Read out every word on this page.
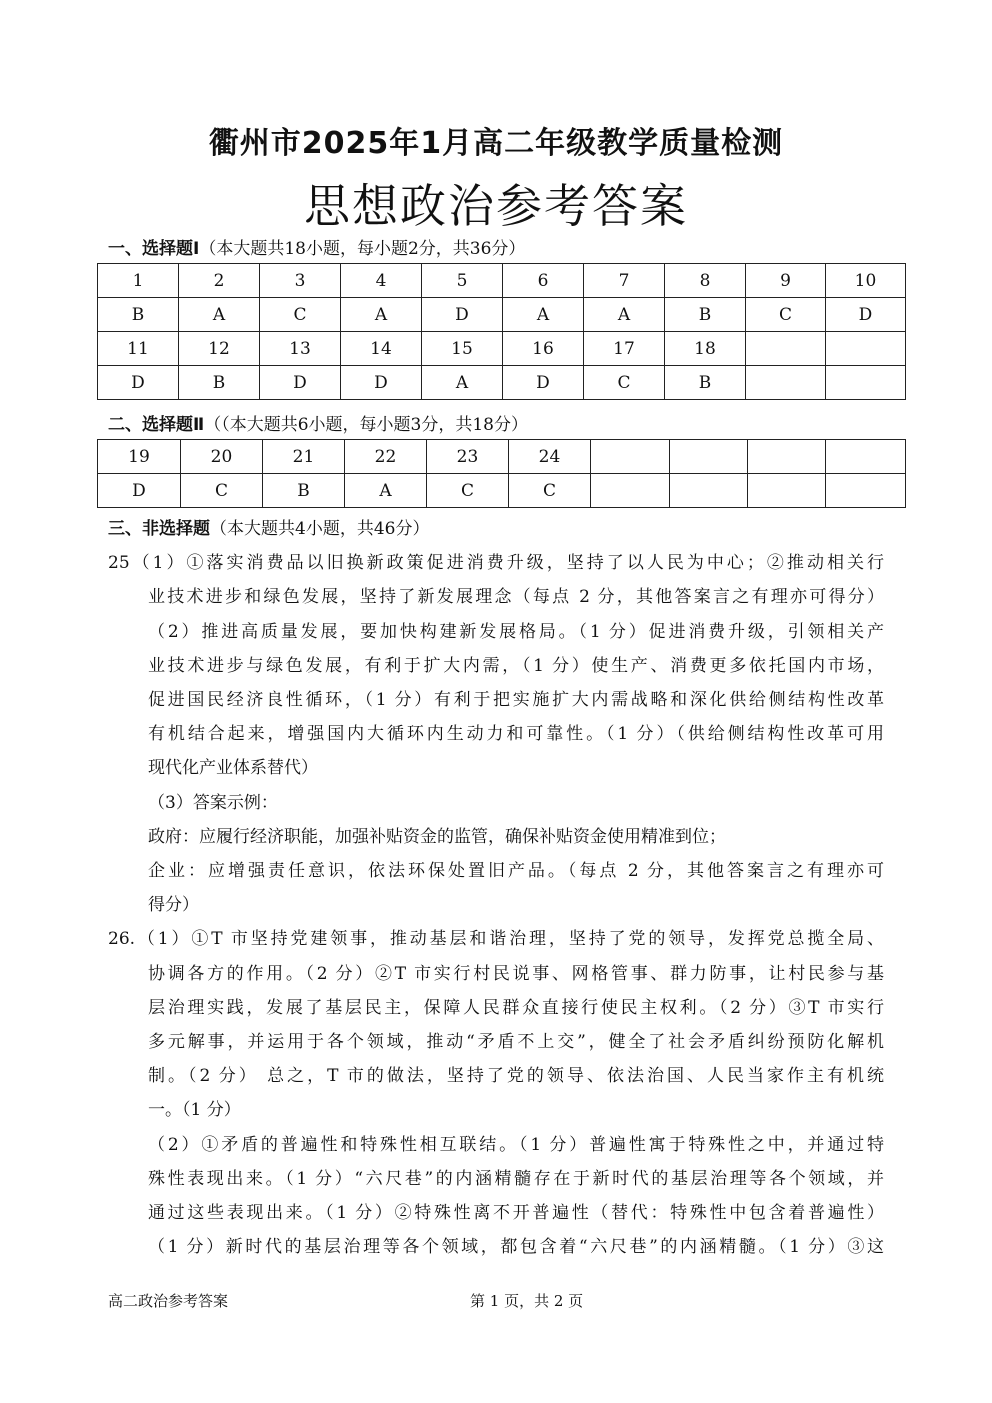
衢州市2025年1月高二年级教学质量检测
思想政治参考答案
一、选择题Ⅰ（本大题共18小题，每小题2分，共36分）
1	2	3	4	5	6	7	8	9	10
B	A	C	A	D	A	A	B	C	D
11	12	13	14	15	16	17	18		
D	B	D	D	A	D	C	B		
二、选择题Ⅱ（（本大题共6小题，每小题3分，共18分）
19	20	21	22	23	24				
D	C	B	A	C	C				
三、非选择题（本大题共4小题，共46分）
25（1）①落实消费品以旧换新政策促进消费升级，坚持了以人民为中心；②推动相关行
业技术进步和绿色发展，坚持了新发展理念（每点 2 分，其他答案言之有理亦可得分）
（2）推进高质量发展，要加快构建新发展格局。（1 分）促进消费升级，引领相关产
业技术进步与绿色发展，有利于扩大内需，（1 分）使生产、消费更多依托国内市场，
促进国民经济良性循环，（1 分）有利于把实施扩大内需战略和深化供给侧结构性改革
有机结合起来，增强国内大循环内生动力和可靠性。（1 分）（供给侧结构性改革可用
现代化产业体系替代）
（3）答案示例：
政府：应履行经济职能，加强补贴资金的监管，确保补贴资金使用精准到位；
企业：应增强责任意识，依法环保处置旧产品。（每点 2 分，其他答案言之有理亦可
得分）
26.（1）①T 市坚持党建领事，推动基层和谐治理，坚持了党的领导，发挥党总揽全局、
协调各方的作用。（2 分）②T 市实行村民说事、网格管事、群力防事，让村民参与基
层治理实践，发展了基层民主，保障人民群众直接行使民主权利。（2 分）③T 市实行
多元解事，并运用于各个领域，推动“矛盾不上交”，健全了社会矛盾纠纷预防化解机
制。（2 分） 总之，T 市的做法，坚持了党的领导、依法治国、人民当家作主有机统
一。（1 分）
（2）①矛盾的普遍性和特殊性相互联结。（1 分）普遍性寓于特殊性之中，并通过特
殊性表现出来。（1 分）“六尺巷”的内涵精髓存在于新时代的基层治理等各个领域，并
通过这些表现出来。（1 分）②特殊性离不开普遍性（替代：特殊性中包含着普遍性）
（1 分）新时代的基层治理等各个领域，都包含着“六尺巷”的内涵精髓。（1 分）③这
高二政治参考答案	第 1 页，共 2 页
